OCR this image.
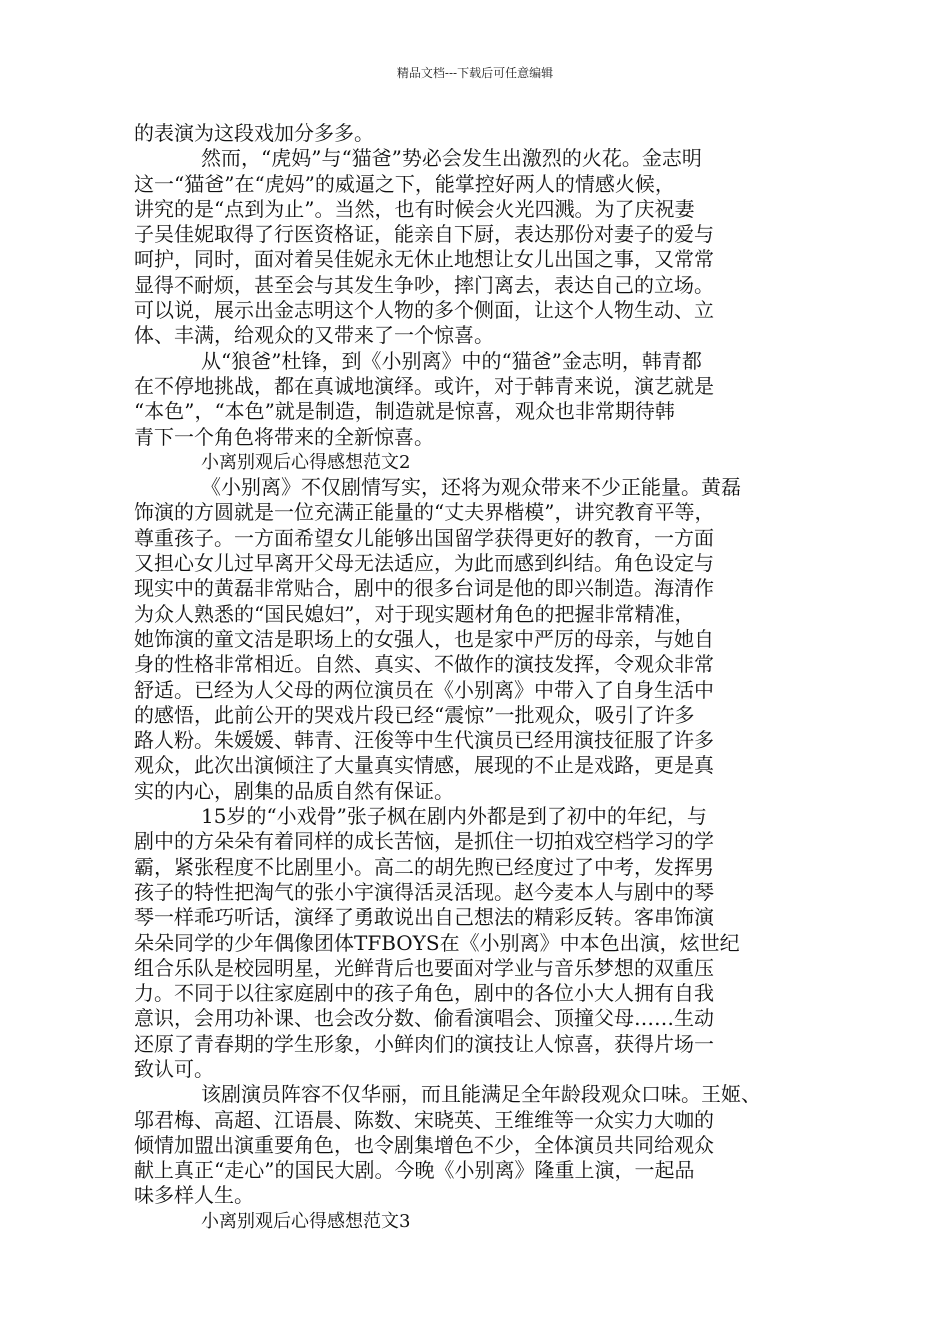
精品文档---下载后可任意编辑
的表演为这段戏加分多多。
然而，“虎妈”与“猫爸”势必会发生出激烈的火花。金志明
这一“猫爸”在“虎妈”的威逼之下，能掌控好两人的情感火候，
讲究的是“点到为止”。当然，也有时候会火光四溅。为了庆祝妻
子吴佳妮取得了行医资格证，能亲自下厨，表达那份对妻子的爱与
呵护，同时，面对着吴佳妮永无休止地想让女儿出国之事，又常常
显得不耐烦，甚至会与其发生争吵，摔门离去，表达自己的立场。
可以说，展示出金志明这个人物的多个侧面，让这个人物生动、立
体、丰满，给观众的又带来了一个惊喜。
从“狼爸”杜锋，到《小别离》中的“猫爸”金志明，韩青都
在不停地挑战，都在真诚地演绎。或许，对于韩青来说，演艺就是
“本色”，“本色”就是制造，制造就是惊喜，观众也非常期待韩
青下一个角色将带来的全新惊喜。
小离别观后心得感想范文2
《小别离》不仅剧情写实，还将为观众带来不少正能量。黄磊
饰演的方圆就是一位充满正能量的“丈夫界楷模”，讲究教育平等，
尊重孩子。一方面希望女儿能够出国留学获得更好的教育，一方面
又担心女儿过早离开父母无法适应，为此而感到纠结。角色设定与
现实中的黄磊非常贴合，剧中的很多台词是他的即兴制造。海清作
为众人熟悉的“国民媳妇”，对于现实题材角色的把握非常精准，
她饰演的童文洁是职场上的女强人，也是家中严厉的母亲，与她自
身的性格非常相近。自然、真实、不做作的演技发挥，令观众非常
舒适。已经为人父母的两位演员在《小别离》中带入了自身生活中
的感悟，此前公开的哭戏片段已经“震惊”一批观众，吸引了许多
路人粉。朱媛媛、韩青、汪俊等中生代演员已经用演技征服了许多
观众，此次出演倾注了大量真实情感，展现的不止是戏路，更是真
实的内心，剧集的品质自然有保证。
15岁的“小戏骨”张子枫在剧内外都是到了初中的年纪，与
剧中的方朵朵有着同样的成长苦恼，是抓住一切拍戏空档学习的学
霸，紧张程度不比剧里小。高二的胡先煦已经度过了中考，发挥男
孩子的特性把淘气的张小宇演得活灵活现。赵今麦本人与剧中的琴
琴一样乖巧听话，演绎了勇敢说出自己想法的精彩反转。客串饰演
朵朵同学的少年偶像团体TFBOYS在《小别离》中本色出演，炫世纪
组合乐队是校园明星，光鲜背后也要面对学业与音乐梦想的双重压
力。不同于以往家庭剧中的孩子角色，剧中的各位小大人拥有自我
意识，会用功补课、也会改分数、偷看演唱会、顶撞父母……生动
还原了青春期的学生形象，小鲜肉们的演技让人惊喜，获得片场一
致认可。
该剧演员阵容不仅华丽，而且能满足全年龄段观众口味。王姬、
邬君梅、高超、江语晨、陈数、宋晓英、王维维等一众实力大咖的
倾情加盟出演重要角色，也令剧集增色不少，全体演员共同给观众
献上真正“走心”的国民大剧。今晚《小别离》隆重上演，一起品
味多样人生。
小离别观后心得感想范文3
